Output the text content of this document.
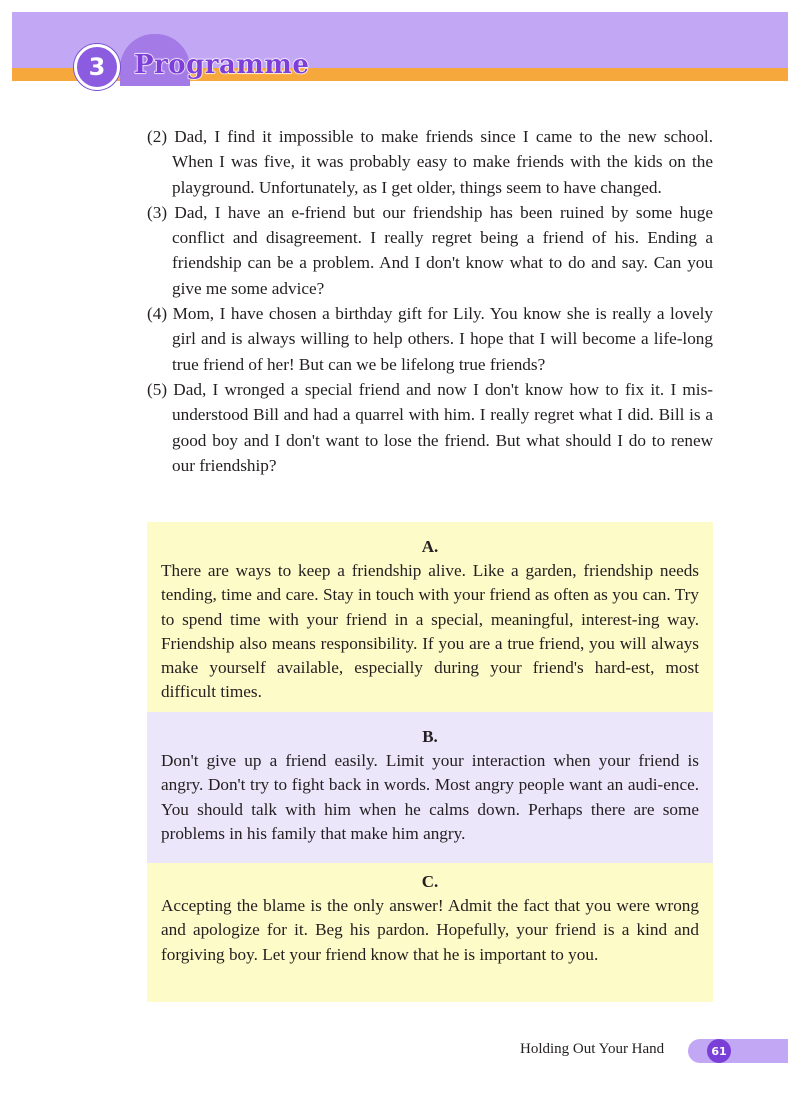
3	Programme
(2) Dad, I find it impossible to make friends since I came to the new school. When I was five, it was probably easy to make friends with the kids on the playground. Unfortunately, as I get older, things seem to have changed.
(3) Dad, I have an e-friend but our friendship has been ruined by some huge conflict and disagreement. I really regret being a friend of his. Ending a friendship can be a problem. And I don't know what to do and say. Can you give me some advice?
(4) Mom, I have chosen a birthday gift for Lily. You know she is really a lovely girl and is always willing to help others. I hope that I will become a life-long true friend of her! But can we be lifelong true friends?
(5) Dad, I wronged a special friend and now I don't know how to fix it. I mis-understood Bill and had a quarrel with him. I really regret what I did. Bill is a good boy and I don't want to lose the friend. But what should I do to renew our friendship?
A.

There are ways to keep a friendship alive. Like a garden, friendship needs tending, time and care. Stay in touch with your friend as often as you can. Try to spend time with your friend in a special, meaningful, interest-ing way. Friendship also means responsibility. If you are a true friend, you will always make yourself available, especially during your friend's hard-est, most difficult times.

B.

Don't give up a friend easily. Limit your interaction when your friend is angry. Don't try to fight back in words. Most angry people want an audi-ence. You should talk with him when he calms down. Perhaps there are some problems in his family that make him angry.

C.

Accepting the blame is the only answer! Admit the fact that you were wrong and apologize for it. Beg his pardon. Hopefully, your friend is a kind and forgiving boy. Let your friend know that he is important to you.

Holding Out Your Hand	61
